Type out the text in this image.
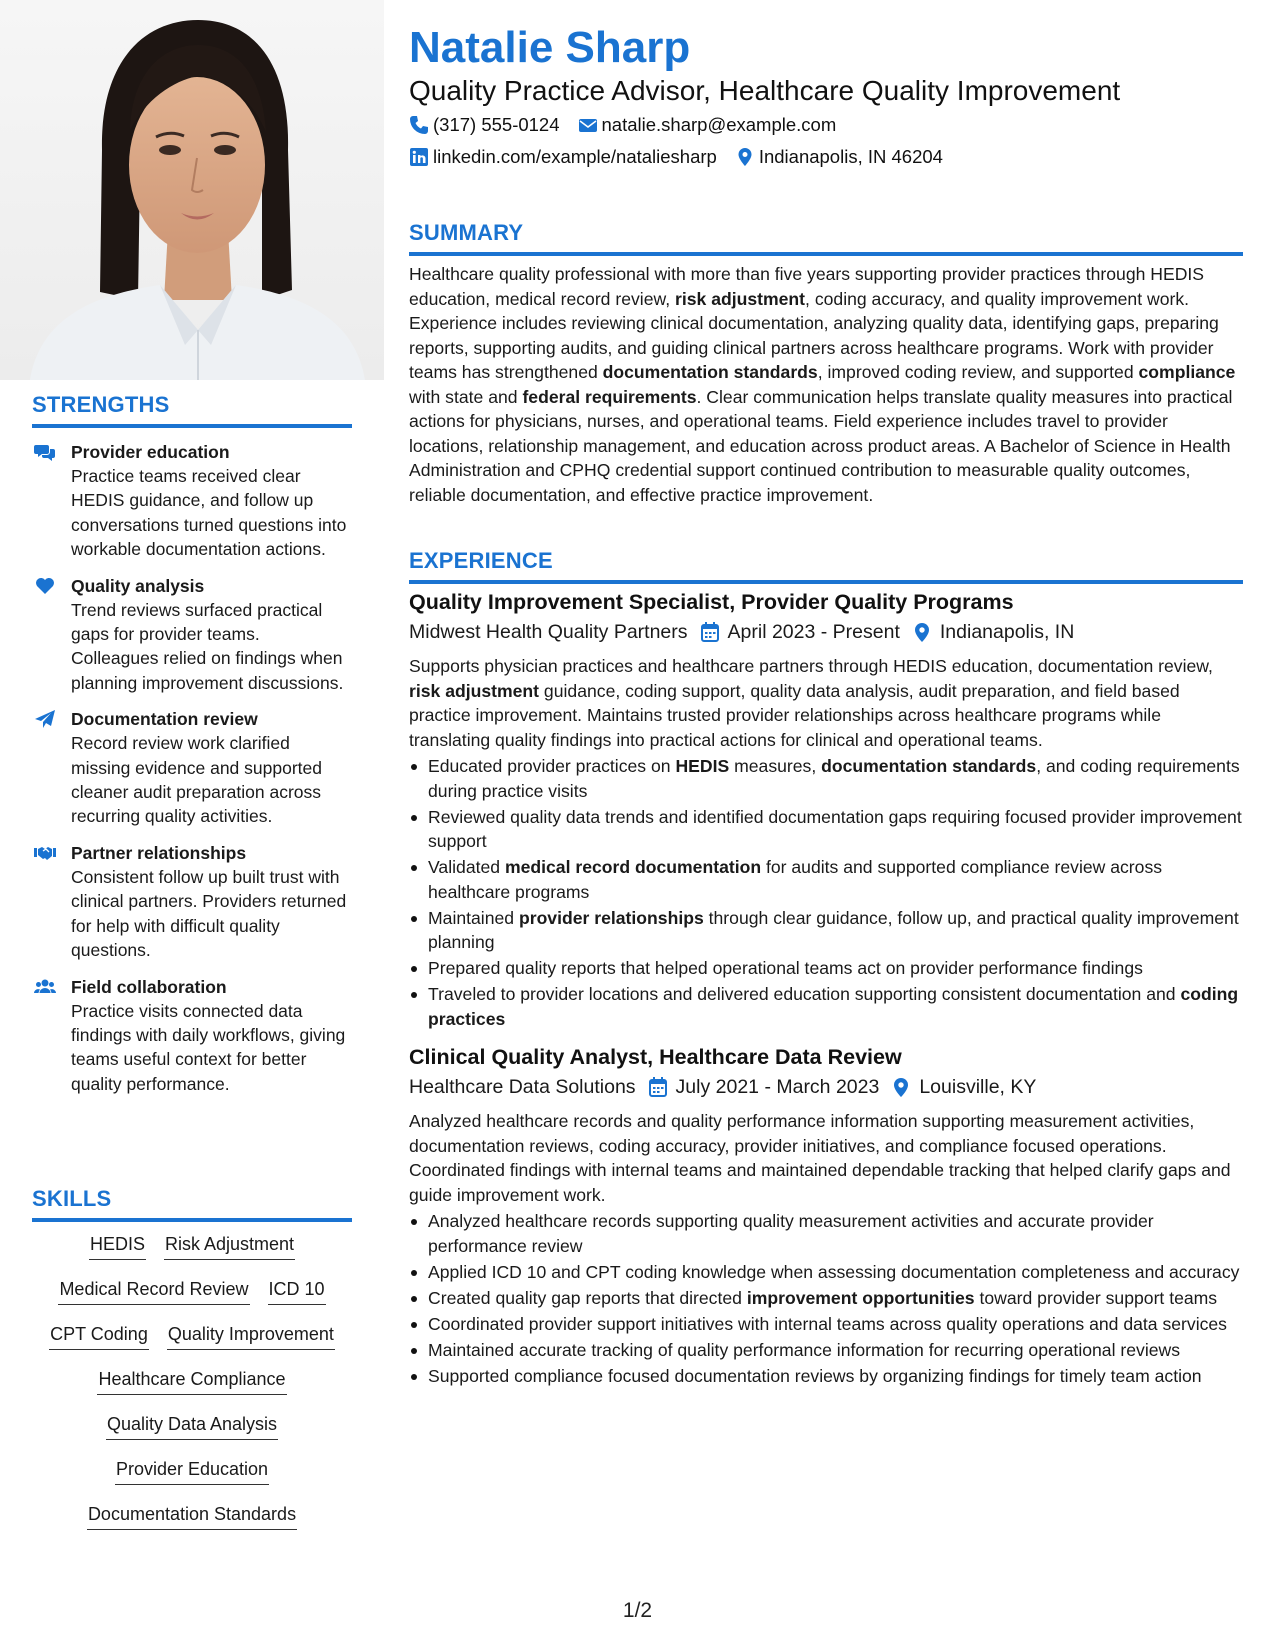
STRENGTHS
Provider education
Practice teams received clear HEDIS guidance, and follow up conversations turned questions into workable documentation actions.
Quality analysis
Trend reviews surfaced practical gaps for provider teams. Colleagues relied on findings when planning improvement discussions.
Documentation review
Record review work clarified missing evidence and supported cleaner audit preparation across recurring quality activities.
Partner relationships
Consistent follow up built trust with clinical partners. Providers returned for help with difficult quality questions.
Field collaboration
Practice visits connected data findings with daily workflows, giving teams useful context for better quality performance.
SKILLS
HEDIS Risk Adjustment
Medical Record Review ICD 10
CPT Coding Quality Improvement
Healthcare Compliance
Quality Data Analysis
Provider Education
Documentation Standards
Natalie Sharp
Quality Practice Advisor, Healthcare Quality Improvement
(317) 555-0124 natalie.sharp@example.com
linkedin.com/example/nataliesharp Indianapolis, IN 46204
SUMMARY

Healthcare quality professional with more than five years supporting provider practices through HEDIS education, medical record review, risk adjustment, coding accuracy, and quality improvement work. Experience includes reviewing clinical documentation, analyzing quality data, identifying gaps, preparing reports, supporting audits, and guiding clinical partners across healthcare programs. Work with provider teams has strengthened documentation standards, improved coding review, and supported compliance with state and federal requirements. Clear communication helps translate quality measures into practical actions for physicians, nurses, and operational teams. Field experience includes travel to provider locations, relationship management, and education across product areas. A Bachelor of Science in Health Administration and CPHQ credential support continued contribution to measurable quality outcomes, reliable documentation, and effective practice improvement.

EXPERIENCE
Quality Improvement Specialist, Provider Quality Programs
Midwest Health Quality Partners April 2023 - Present Indianapolis, IN

Supports physician practices and healthcare partners through HEDIS education, documentation review, risk adjustment guidance, coding support, quality data analysis, audit preparation, and field based practice improvement. Maintains trusted provider relationships across healthcare programs while translating quality findings into practical actions for clinical and operational teams.

Educated provider practices on HEDIS measures, documentation standards, and coding requirements during practice visits
Reviewed quality data trends and identified documentation gaps requiring focused provider improvement support
Validated medical record documentation for audits and supported compliance review across healthcare programs
Maintained provider relationships through clear guidance, follow up, and practical quality improvement planning
Prepared quality reports that helped operational teams act on provider performance findings
Traveled to provider locations and delivered education supporting consistent documentation and coding practices
Clinical Quality Analyst, Healthcare Data Review
Healthcare Data Solutions July 2021 - March 2023 Louisville, KY

Analyzed healthcare records and quality performance information supporting measurement activities, documentation reviews, coding accuracy, provider initiatives, and compliance focused operations. Coordinated findings with internal teams and maintained dependable tracking that helped clarify gaps and guide improvement work.

Analyzed healthcare records supporting quality measurement activities and accurate provider performance review
Applied ICD 10 and CPT coding knowledge when assessing documentation completeness and accuracy
Created quality gap reports that directed improvement opportunities toward provider support teams
Coordinated provider support initiatives with internal teams across quality operations and data services
Maintained accurate tracking of quality performance information for recurring operational reviews
Supported compliance focused documentation reviews by organizing findings for timely team action
1/2
